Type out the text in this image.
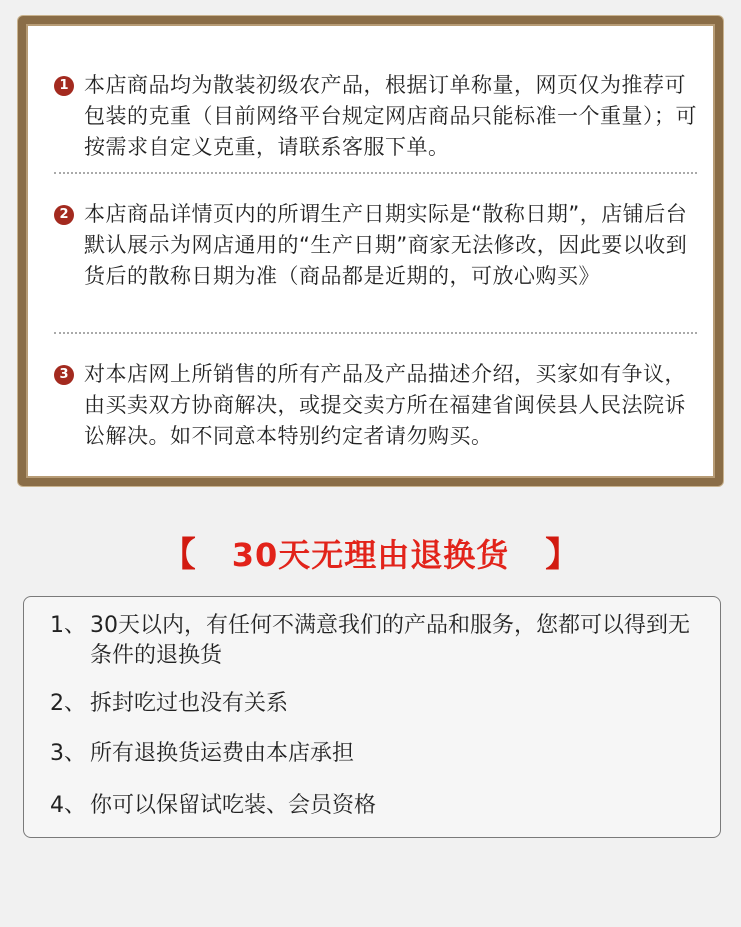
1 本店商品均为散装初级农产品，根据订单称量，网页仅为推荐可包装的克重（目前网络平台规定网店商品只能标准一个重量）；可按需求自定义克重，请联系客服下单。
2 本店商品详情页内的所谓生产日期实际是“散称日期”，店铺后台默认展示为网店通用的“生产日期”商家无法修改，因此要以收到货后的散称日期为准（商品都是近期的，可放心购买》
3 对本店网上所销售的所有产品及产品描述介绍，买家如有争议，由买卖双方协商解决，或提交卖方所在福建省闽侯县人民法院诉讼解决。如不同意本特别约定者请勿购买。
【 30天无理由退换货 】
1、 30天以内，有任何不满意我们的产品和服务，您都可以得到无条件的退换货
2、 拆封吃过也没有关系
3、 所有退换货运费由本店承担
4、 你可以保留试吃装、会员资格
